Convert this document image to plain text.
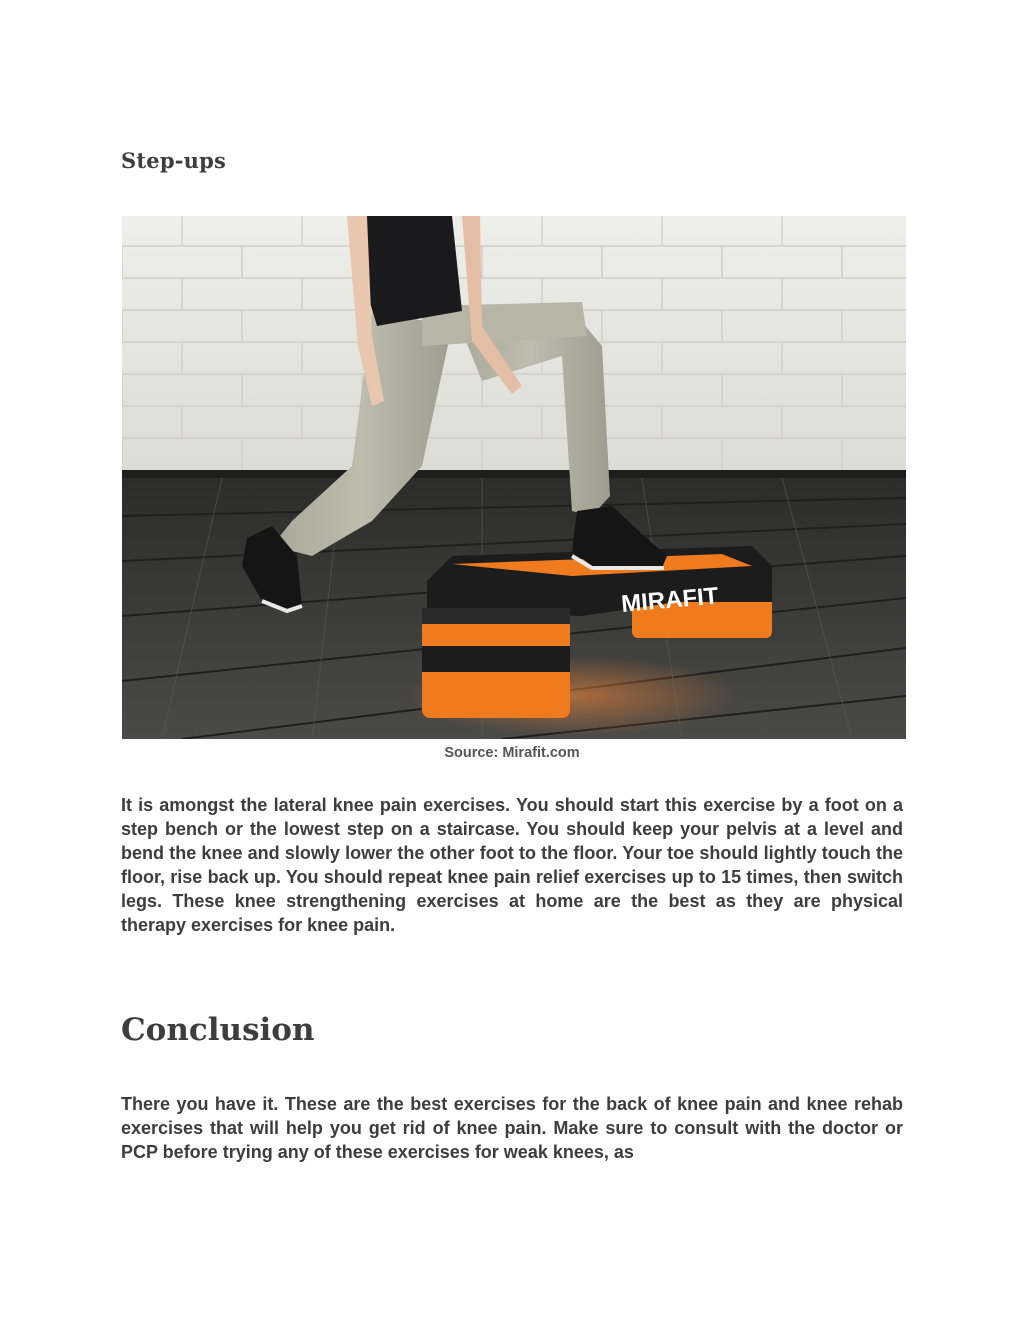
Step-ups
MIRAFIT
Source: Mirafit.com

It is amongst the lateral knee pain exercises. You should start this exercise by a foot on a step bench or the lowest step on a staircase. You should keep your pelvis at a level and bend the knee and slowly lower the other foot to the floor. Your toe should lightly touch the floor, rise back up. You should repeat knee pain relief exercises up to 15 times, then switch legs. These knee strengthening exercises at home are the best as they are physical therapy exercises for knee pain.

Conclusion

There you have it. These are the best exercises for the back of knee pain and knee rehab exercises that will help you get rid of knee pain. Make sure to consult with the doctor or PCP before trying any of these exercises for weak knees, as
